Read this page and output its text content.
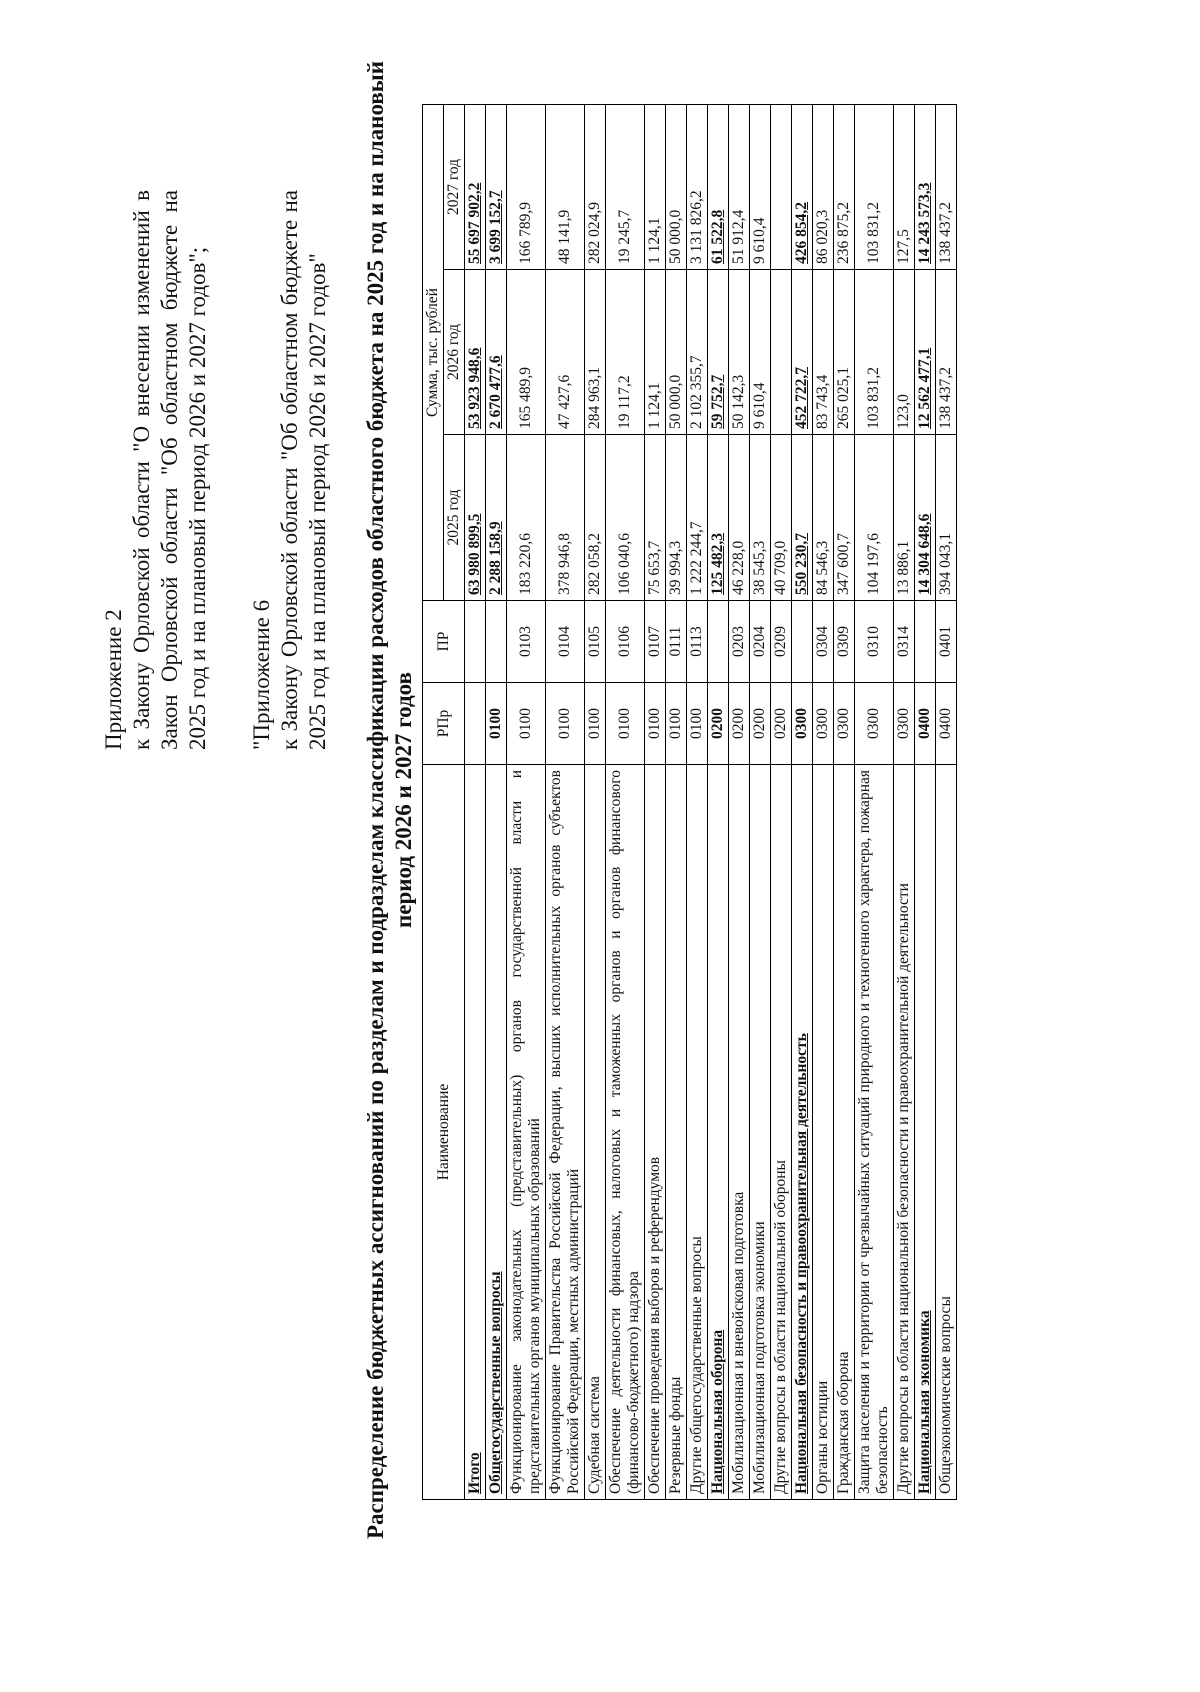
Приложение 2 к Закону Орловской области "О внесении изменений в Закон Орловской области "Об областном бюджете на 2025 год и на плановый период 2026 и 2027 годов"; "Приложение 6 к Закону Орловской области "Об областном бюджете на 2025 год и на плановый период 2026 и 2027 годов" Распределение бюджетных ассигнований по разделам и подразделам классификации расходов областного бюджета на 2025 год и на плановый период 2026 и 2027 годов
Наименование	РПр	ПР	Сумма, тыс. рублей		
			2025 год	2026 год	2027 год
Итого			63 980 899,5	53 923 948,6	55 697 902,2
Общегосударственные вопросы	0100		2 288 158,9	2 670 477,6	3 699 152,7
Функционирование законодательных (представительных) органов государственной власти и представительных органов муниципальных образований	0100	0103	183 220,6	165 489,9	166 789,9
Функционирование Правительства Российской Федерации, высших исполнительных органов субъектов Российской Федерации, местных администраций	0100	0104	378 946,8	47 427,6	48 141,9
Судебная система	0100	0105	282 058,2	284 963,1	282 024,9
Обеспечение деятельности финансовых, налоговых и таможенных органов и органов финансового (финансово-бюджетного) надзора	0100	0106	106 040,6	19 117,2	19 245,7
Обеспечение проведения выборов и референдумов	0100	0107	75 653,7	1 124,1	1 124,1
Резервные фонды	0100	0111	39 994,3	50 000,0	50 000,0
Другие общегосударственные вопросы	0100	0113	1 222 244,7	2 102 355,7	3 131 826,2
Национальная оборона	0200		125 482,3	59 752,7	61 522,8
Мобилизационная и вневойсковая подготовка	0200	0203	46 228,0	50 142,3	51 912,4
Мобилизационная подготовка экономики	0200	0204	38 545,3	9 610,4	9 610,4
Другие вопросы в области национальной обороны	0200	0209	40 709,0		
Национальная безопасность и правоохранительная деятельность	0300		550 230,7	452 722,7	426 854,2
Органы юстиции	0300	0304	84 546,3	83 743,4	86 020,3
Гражданская оборона	0300	0309	347 600,7	265 025,1	236 875,2
Защита населения и территории от чрезвычайных ситуаций природного и техногенного характера, пожарная безопасность	0300	0310	104 197,6	103 831,2	103 831,2
Другие вопросы в области национальной безопасности и правоохранительной деятельности	0300	0314	13 886,1	123,0	127,5
Национальная экономика	0400		14 304 648,6	12 562 477,1	14 243 573,3
Общеэкономические вопросы	0400	0401	394 043,1	138 437,2	138 437,2
